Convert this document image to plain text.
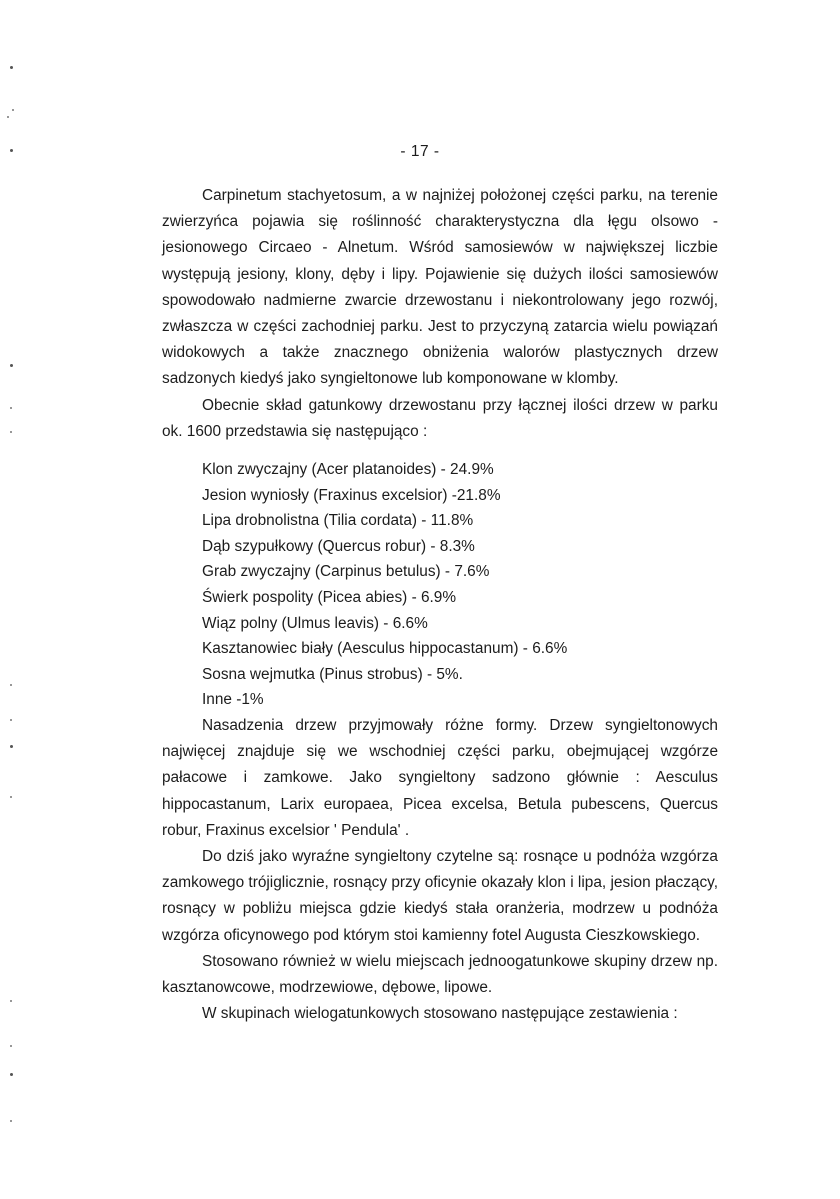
- 17 -

Carpinetum stachyetosum, a w najniżej położonej części parku, na terenie zwierzyńca pojawia się roślinność charakterystyczna dla łęgu olsowo - jesionowego Circaeo - Alnetum. Wśród samosiewów w największej liczbie występują jesiony, klony, dęby i lipy. Pojawienie się dużych ilości samosiewów spowodowało nadmierne zwarcie drzewostanu i niekontrolowany jego rozwój, zwłaszcza w części zachodniej parku. Jest to przyczyną zatarcia wielu powiązań widokowych a także znacznego obniżenia walorów plastycznych drzew sadzonych kiedyś jako syngieltonowe lub komponowane w klomby.

Obecnie skład gatunkowy drzewostanu przy łącznej ilości drzew w parku ok. 1600 przedstawia się następująco :

Klon zwyczajny (Acer platanoides) - 24.9%
Jesion wyniosły (Fraxinus excelsior) -21.8%
Lipa drobnolistna (Tilia cordata) - 11.8%
Dąb szypułkowy (Quercus robur) - 8.3%
Grab zwyczajny (Carpinus betulus) - 7.6%
Świerk pospolity (Picea abies) - 6.9%
Wiąz polny (Ulmus leavis) - 6.6%
Kasztanowiec biały (Aesculus hippocastanum) - 6.6%
Sosna wejmutka (Pinus strobus) - 5%.
Inne -1%

Nasadzenia drzew przyjmowały różne formy. Drzew syngieltonowych najwięcej znajduje się we wschodniej części parku, obejmującej wzgórze pałacowe i zamkowe. Jako syngieltony sadzono głównie : Aesculus hippocastanum, Larix europaea, Picea excelsa, Betula pubescens, Quercus robur, Fraxinus excelsior ' Pendula' .

Do dziś jako wyraźne syngieltony czytelne są: rosnące u podnóża wzgórza zamkowego trójiglicznie, rosnący przy oficynie okazały klon i lipa, jesion płaczący, rosnący w pobliżu miejsca gdzie kiedyś stała oranżeria, modrzew u podnóża wzgórza oficynowego pod którym stoi kamienny fotel Augusta Cieszkowskiego.

Stosowano również w wielu miejscach jednoogatunkowe skupiny drzew np. kasztanowcowe, modrzewiowe, dębowe, lipowe.

W skupinach wielogatunkowych stosowano następujące zestawienia :
